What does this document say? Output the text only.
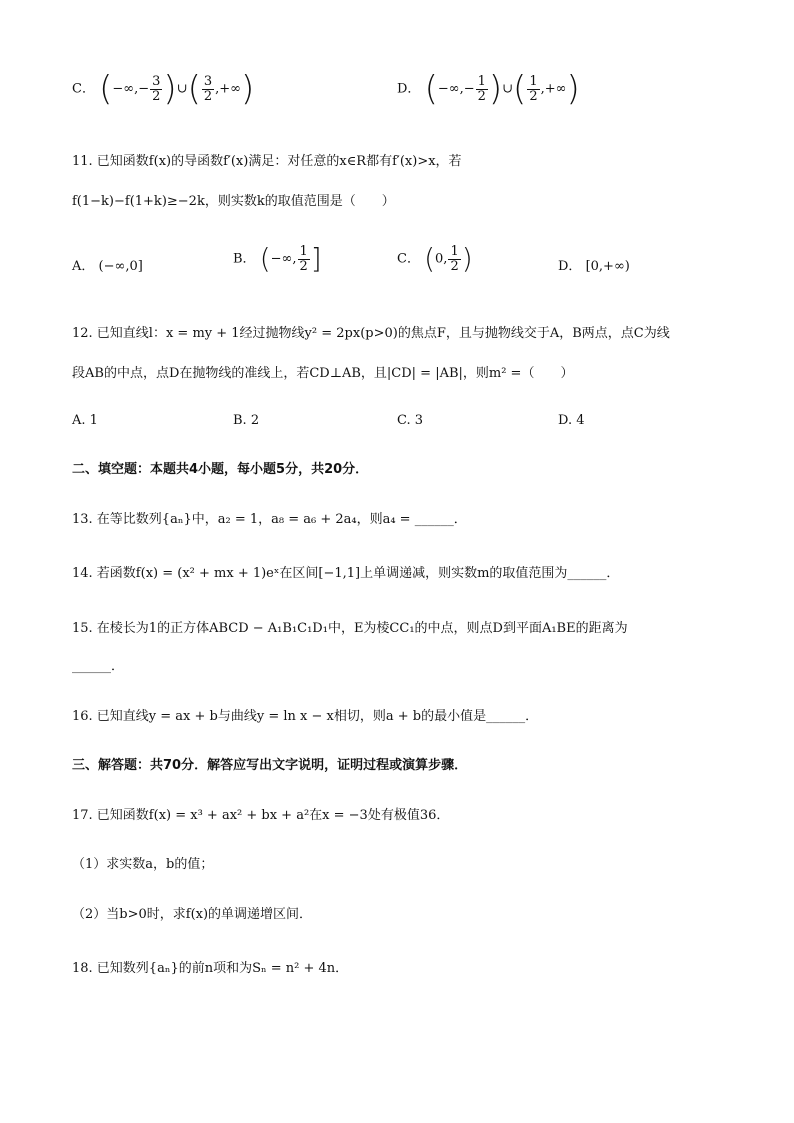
C． (−∞,− $\frac{3}{2}$ )∪( $\frac{3}{2}$ ,+∞)	D． (−∞,− $\frac{1}{2}$ )∪( $\frac{1}{2}$ ,+∞)
11. 已知函数f(x)的导函数f′(x)满足：对任意的x∈R都有f′(x)>x，若
f(1−k)−f(1+k)≥−2k，则实数k的取值范围是（　　）
A． (−∞,0]	B． (−∞, $\frac{1}{2}$ ]	C． (0, $\frac{1}{2}$ )	D． [0,+∞)
12. 已知直线l：x = my + 1经过抛物线y² = 2px(p>0)的焦点F，且与抛物线交于A，B两点，点C为线
段AB的中点，点D在抛物线的准线上，若CD⊥AB，且|CD| = |AB|，则m² =（　　）
A. 1	B. 2	C. 3	D. 4
二、填空题：本题共4小题，每小题5分，共20分．
13. 在等比数列{aₙ}中，a₂ = 1，a₈ = a₆ + 2a₄，则a₄ = ______．
14. 若函数f(x) = (x² + mx + 1)eˣ在区间[−1,1]上单调递减，则实数m的取值范围为______．
15. 在棱长为1的正方体ABCD − A₁B₁C₁D₁中，E为棱CC₁的中点，则点D到平面A₁BE的距离为
______．
16. 已知直线y = ax + b与曲线y = ln x − x相切，则a + b的最小值是______．
三、解答题：共70分．解答应写出文字说明，证明过程或演算步骤．
17. 已知函数f(x) = x³ + ax² + bx + a²在x = −3处有极值36．
（1）求实数a，b的值；
（2）当b>0时，求f(x)的单调递增区间．
18. 已知数列{aₙ}的前n项和为Sₙ = n² + 4n．
